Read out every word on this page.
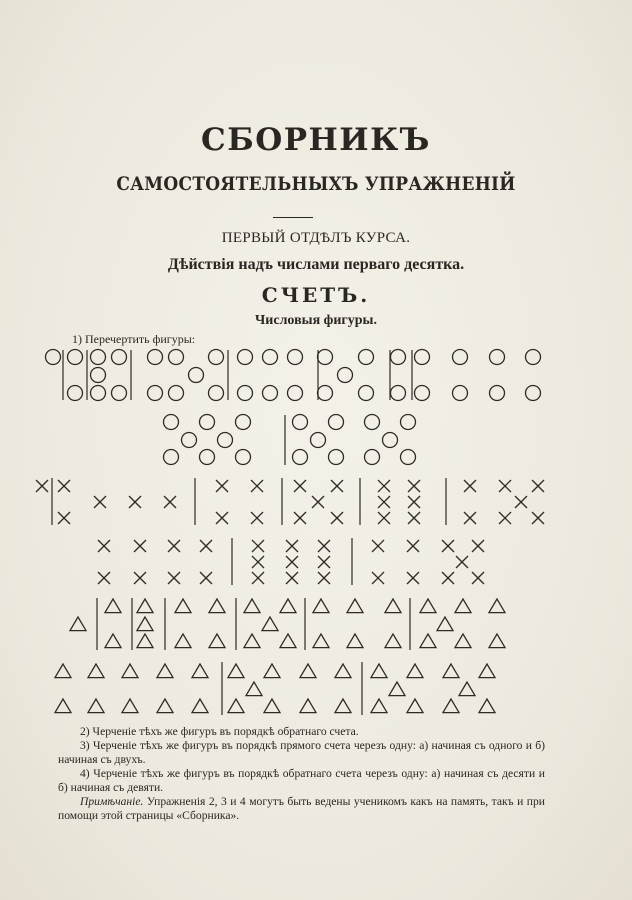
СБОРНИКЪ
САМОСТОЯТЕЛЬНЫХЪ УПРАЖНЕНІЙ
ПЕРВЫЙ ОТДѢЛЪ КУРСА.
Дѣйствія надъ числами перваго десятка.
СЧЕТЪ.
Числовыя фигуры.
1) Перечертить фигуры:

2) Черченіе тѣхъ же фигуръ въ порядкѣ обратнаго счета.

3) Черченіе тѣхъ же фигуръ въ порядкѣ прямого счета черезъ одну: а) начиная съ одного и б) начиная съ двухъ.

4) Черченіе тѣхъ же фигуръ въ порядкѣ обратнаго счета черезъ одну: а) начиная съ десяти и б) начиная съ девяти.

Примѣчаніе. Упражненія 2, 3 и 4 могутъ быть ведены ученикомъ какъ на память, такъ и при помощи этой страницы «Сборника».
